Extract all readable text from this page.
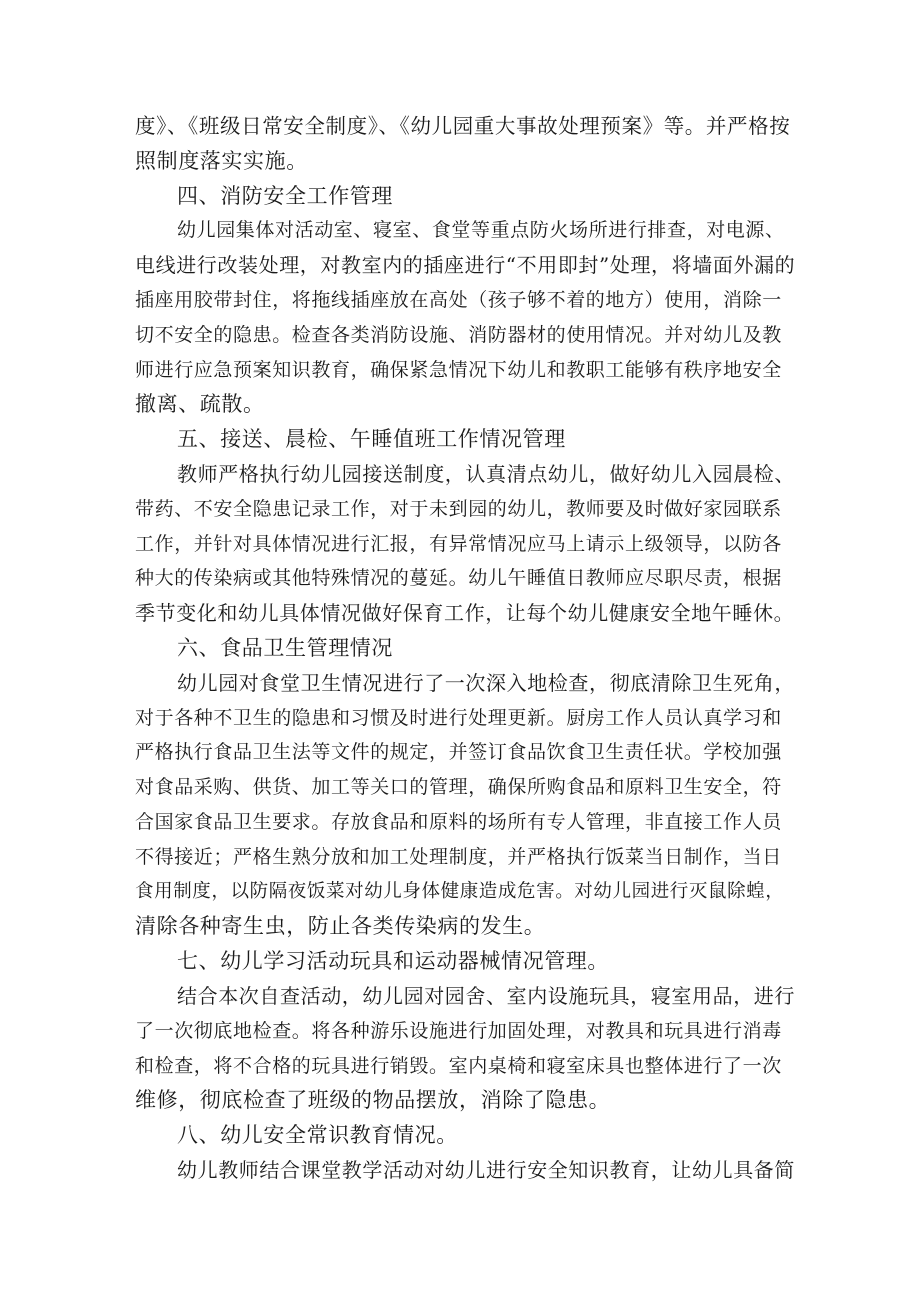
度》、《班级日常安全制度》、《幼儿园重大事故处理预案》等。并严格按
照制度落实实施。
四、消防安全工作管理
幼儿园集体对活动室、寝室、食堂等重点防火场所进行排查，对电源、
电线进行改装处理，对教室内的插座进行“不用即封”处理，将墙面外漏的
插座用胶带封住，将拖线插座放在高处（孩子够不着的地方）使用，消除一
切不安全的隐患。检查各类消防设施、消防器材的使用情况。并对幼儿及教
师进行应急预案知识教育，确保紧急情况下幼儿和教职工能够有秩序地安全
撤离、疏散。
五、接送、晨检、午睡值班工作情况管理
教师严格执行幼儿园接送制度，认真清点幼儿，做好幼儿入园晨检、
带药、不安全隐患记录工作，对于未到园的幼儿，教师要及时做好家园联系
工作，并针对具体情况进行汇报，有异常情况应马上请示上级领导，以防各
种大的传染病或其他特殊情况的蔓延。幼儿午睡值日教师应尽职尽责，根据
季节变化和幼儿具体情况做好保育工作，让每个幼儿健康安全地午睡休。
六、食品卫生管理情况
幼儿园对食堂卫生情况进行了一次深入地检查，彻底清除卫生死角，
对于各种不卫生的隐患和习惯及时进行处理更新。厨房工作人员认真学习和
严格执行食品卫生法等文件的规定，并签订食品饮食卫生责任状。学校加强
对食品采购、供货、加工等关口的管理，确保所购食品和原料卫生安全，符
合国家食品卫生要求。存放食品和原料的场所有专人管理，非直接工作人员
不得接近；严格生熟分放和加工处理制度，并严格执行饭菜当日制作，当日
食用制度，以防隔夜饭菜对幼儿身体健康造成危害。对幼儿园进行灭鼠除蝗，
清除各种寄生虫，防止各类传染病的发生。
七、幼儿学习活动玩具和运动器械情况管理。
结合本次自查活动，幼儿园对园舍、室内设施玩具，寝室用品，进行
了一次彻底地检查。将各种游乐设施进行加固处理，对教具和玩具进行消毒
和检查，将不合格的玩具进行销毁。室内桌椅和寝室床具也整体进行了一次
维修，彻底检查了班级的物品摆放，消除了隐患。
八、幼儿安全常识教育情况。
幼儿教师结合课堂教学活动对幼儿进行安全知识教育，让幼儿具备简
